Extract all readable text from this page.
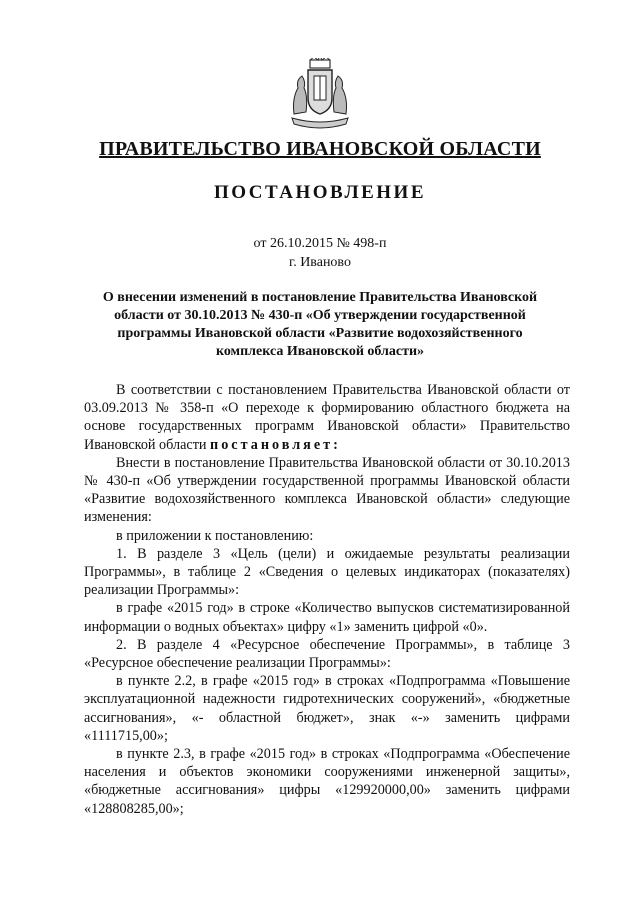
ПРАВИТЕЛЬСТВО ИВАНОВСКОЙ ОБЛАСТИ
ПОСТАНОВЛЕНИЕ
от 26.10.2015 № 498-п
г. Иваново
О внесении изменений в постановление Правительства Ивановской области от 30.10.2013 № 430-п «Об утверждении государственной программы Ивановской области «Развитие водохозяйственного комплекса Ивановской области»

В соответствии с постановлением Правительства Ивановской области от 03.09.2013 № 358-п «О переходе к формированию областного бюджета на основе государственных программ Ивановской области» Правительство Ивановской области постановляет:

Внести в постановление Правительства Ивановской области от 30.10.2013 № 430-п «Об утверждении государственной программы Ивановской области «Развитие водохозяйственного комплекса Ивановской области» следующие изменения:

в приложении к постановлению:

1. В разделе 3 «Цель (цели) и ожидаемые результаты реализации Программы», в таблице 2 «Сведения о целевых индикаторах (показателях) реализации Программы»:

в графе «2015 год» в строке «Количество выпусков систематизированной информации о водных объектах» цифру «1» заменить цифрой «0».

2. В разделе 4 «Ресурсное обеспечение Программы», в таблице 3 «Ресурсное обеспечение реализации Программы»:

в пункте 2.2, в графе «2015 год» в строках «Подпрограмма «Повышение эксплуатационной надежности гидротехнических сооружений», «бюджетные ассигнования», «- областной бюджет», знак «-» заменить цифрами «1111715,00»;

в пункте 2.3, в графе «2015 год» в строках «Подпрограмма «Обеспечение населения и объектов экономики сооружениями инженерной защиты», «бюджетные ассигнования» цифры «129920000,00» заменить цифрами «128808285,00»;
